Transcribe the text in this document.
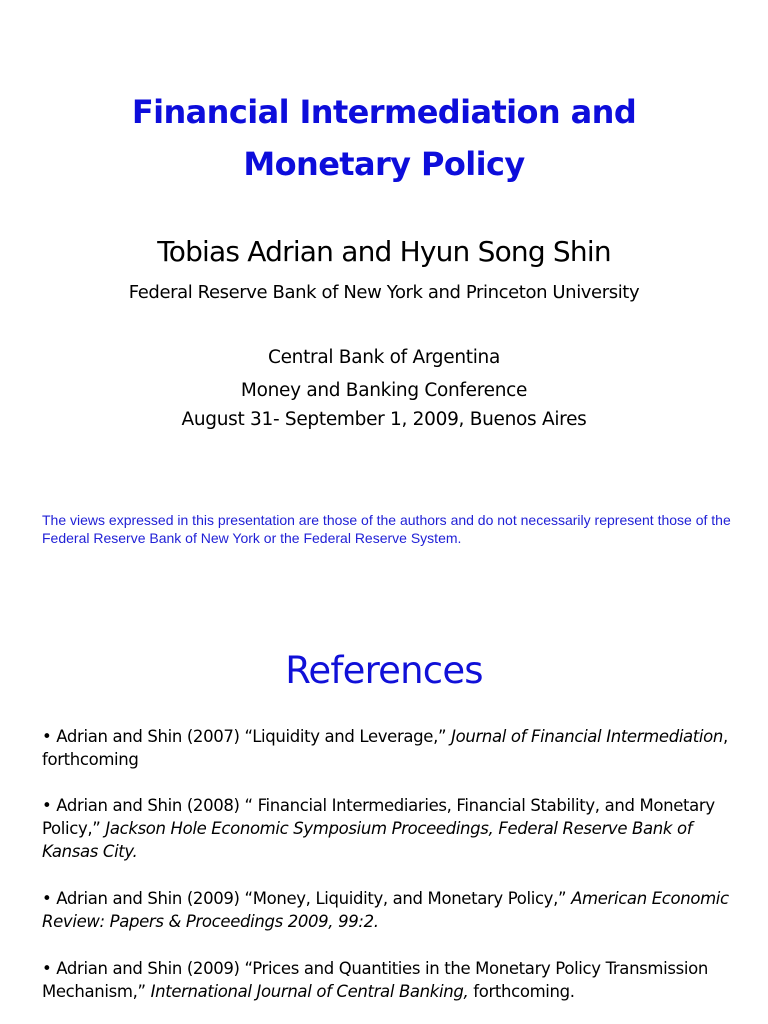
Financial Intermediation and
Monetary Policy
Tobias Adrian and Hyun Song Shin
Federal Reserve Bank of New York and Princeton University
Central Bank of Argentina
Money and Banking Conference
August 31- September 1, 2009, Buenos Aires
The views expressed in this presentation are those of the authors and do not necessarily represent those of the Federal Reserve Bank of New York or the Federal Reserve System.
References
• Adrian and Shin (2007) “Liquidity and Leverage,” Journal of Financial Intermediation, forthcoming
• Adrian and Shin (2008) “ Financial Intermediaries, Financial Stability, and Monetary Policy,” Jackson Hole Economic Symposium Proceedings, Federal Reserve Bank of Kansas City.
• Adrian and Shin (2009) “Money, Liquidity, and Monetary Policy,” American Economic Review: Papers & Proceedings 2009, 99:2.
• Adrian and Shin (2009) “Prices and Quantities in the Monetary Policy Transmission Mechanism,” International Journal of Central Banking, forthcoming.
